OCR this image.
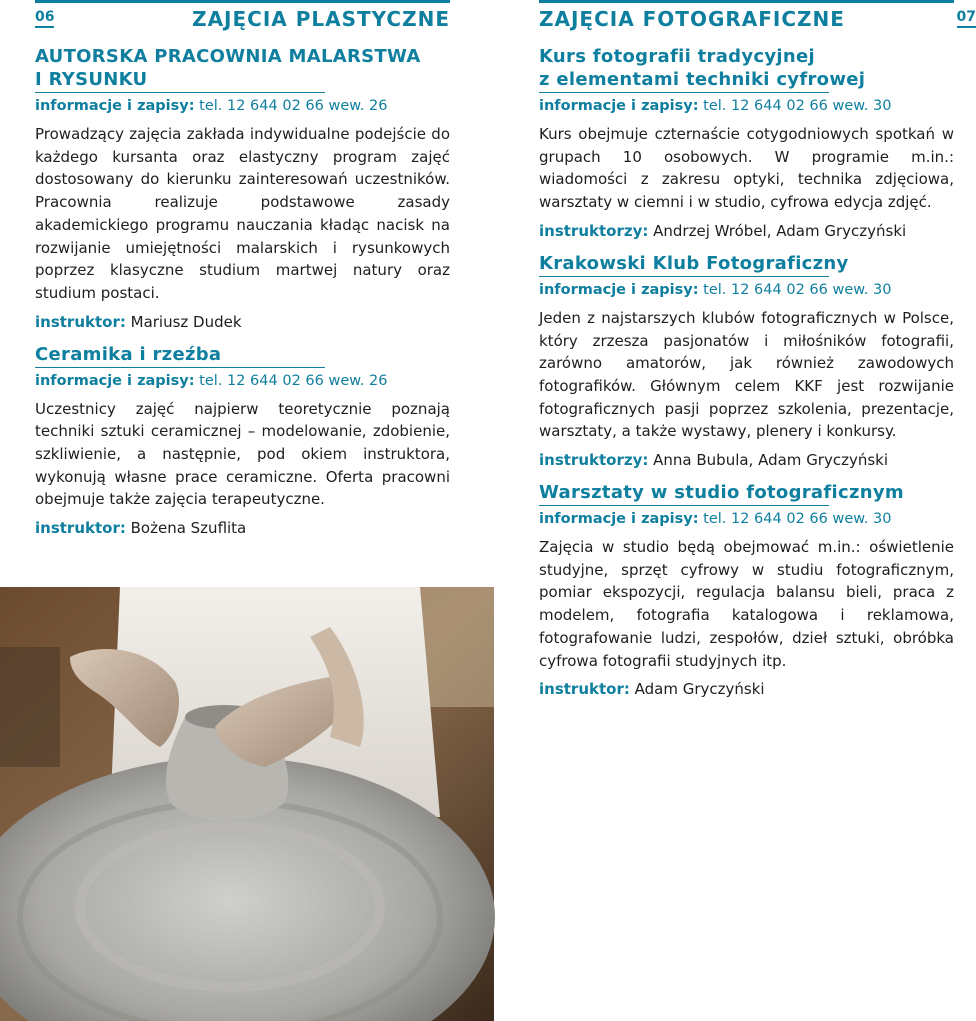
06	ZAJĘCIA PLASTYCZNE
AUTORSKA PRACOWNIA MALARSTWA
I RYSUNKU
informacje i zapisy: tel. 12 644 02 66 wew. 26

Prowadzący zajęcia zakłada indywidualne podejście do każdego kursanta oraz elastyczny program zajęć dostosowany do kierunku zainteresowań uczestników. Pracownia realizuje podstawowe zasady akademickiego programu nauczania kładąc nacisk na rozwijanie umiejętności malarskich i rysunkowych poprzez klasyczne studium martwej natury oraz studium postaci.

instruktor: Mariusz Dudek
Ceramika i rzeźba
informacje i zapisy: tel. 12 644 02 66 wew. 26

Uczestnicy zajęć najpierw teoretycznie poznają techniki sztuki ceramicznej – modelowanie, zdobienie, szkliwienie, a następnie, pod okiem instruktora, wykonują własne prace ceramiczne. Oferta pracowni obejmuje także zajęcia terapeutyczne.

instruktor: Bożena Szuflita
ZAJĘCIA FOTOGRAFICZNE	07
Kurs fotografii tradycyjnej
z elementami techniki cyfrowej
informacje i zapisy: tel. 12 644 02 66 wew. 30

Kurs obejmuje czternaście cotygodniowych spotkań w grupach 10 osobowych. W programie m.in.: wiadomości z zakresu optyki, technika zdjęciowa, warsztaty w ciemni i w studio, cyfrowa edycja zdjęć.

instruktorzy: Andrzej Wróbel, Adam Gryczyński
Krakowski Klub Fotograficzny
informacje i zapisy: tel. 12 644 02 66 wew. 30

Jeden z najstarszych klubów fotograficznych w Polsce, który zrzesza pasjonatów i miłośników fotografii, zarówno amatorów, jak również zawodowych fotografików. Głównym celem KKF jest rozwijanie fotograficznych pasji poprzez szkolenia, prezentacje, warsztaty, a także wystawy, plenery i konkursy.

instruktorzy: Anna Bubula, Adam Gryczyński
Warsztaty w studio fotograficznym
informacje i zapisy: tel. 12 644 02 66 wew. 30

Zajęcia w studio będą obejmować m.in.: oświetlenie studyjne, sprzęt cyfrowy w studiu fotograficznym, pomiar ekspozycji, regulacja balansu bieli, praca z modelem, fotografia katalogowa i reklamowa, fotografowanie ludzi, zespołów, dzieł sztuki, obróbka cyfrowa fotografii studyjnych itp.

instruktor: Adam Gryczyński
